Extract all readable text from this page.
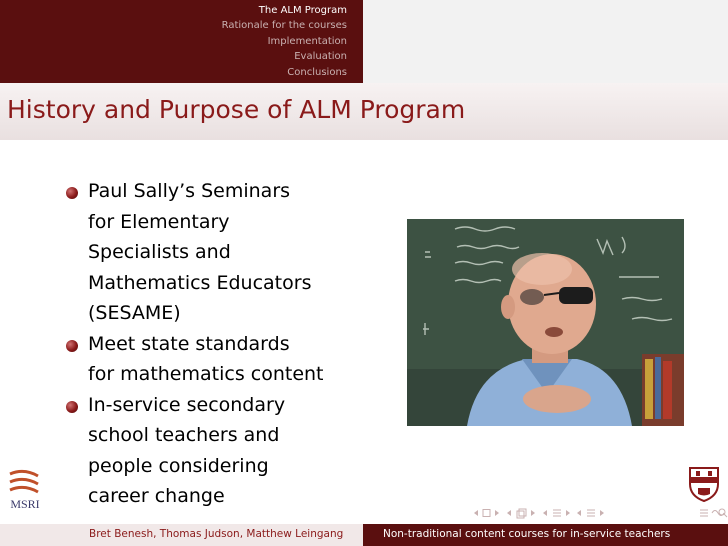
The ALM Program
Rationale for the courses
Implementation
Evaluation
Conclusions
History and Purpose of ALM Program
Paul Sally’s Seminars
for Elementary
Specialists and
Mathematics Educators
(SESAME)
Meet state standards
for mathematics content
In-service secondary
school teachers and
people considering
career change
MSRI
Bret Benesh, Thomas Judson, Matthew Leingang	Non-traditional content courses for in-service teachers
